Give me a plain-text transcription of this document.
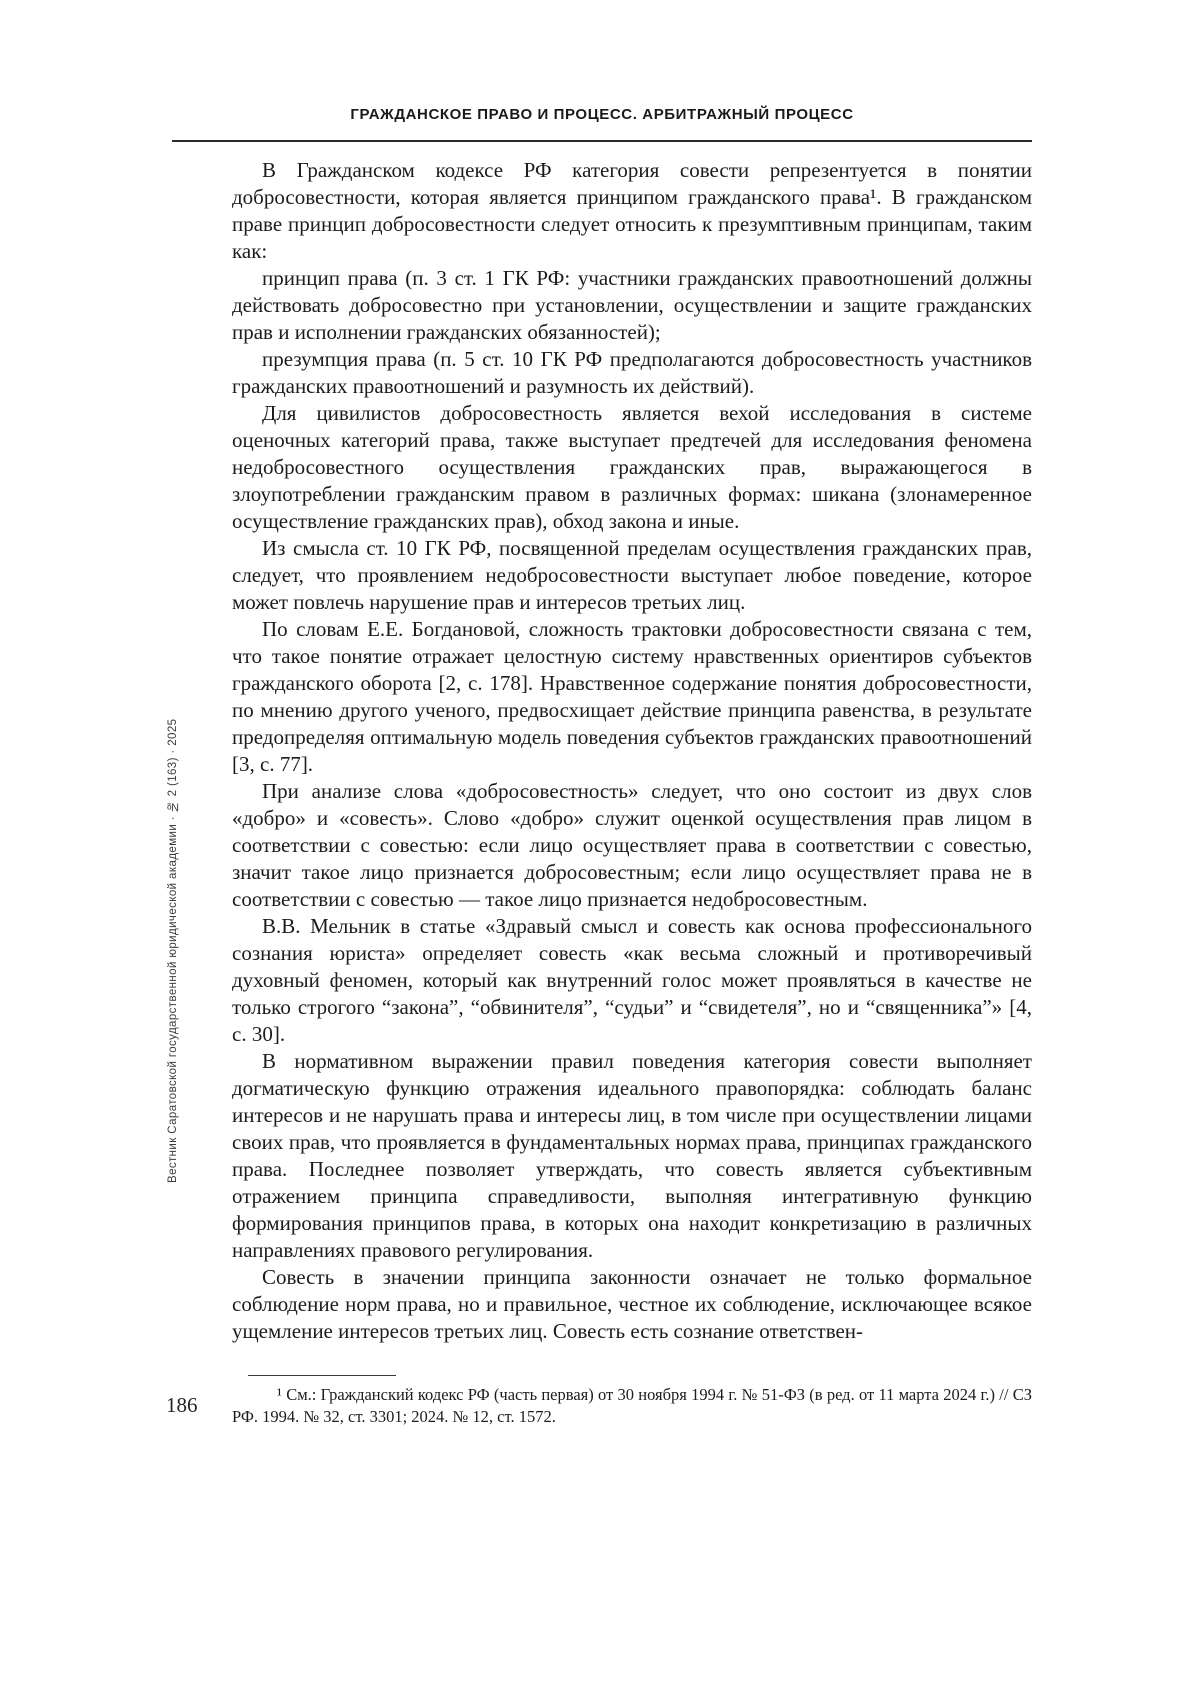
ГРАЖДАНСКОЕ ПРАВО И ПРОЦЕСС. АРБИТРАЖНЫЙ ПРОЦЕСС
Вестник Саратовской государственной юридической академии · № 2 (163) · 2025

В Гражданском кодексе РФ категория совести репрезентуется в понятии добросовестности, которая является принципом гражданского права¹. В гражданском праве принцип добросовестности следует относить к презумптивным принципам, таким как:

принцип права (п. 3 ст. 1 ГК РФ: участники гражданских правоотношений должны действовать добросовестно при установлении, осуществлении и защите гражданских прав и исполнении гражданских обязанностей);

презумпция права (п. 5 ст. 10 ГК РФ предполагаются добросовестность участников гражданских правоотношений и разумность их действий).

Для цивилистов добросовестность является вехой исследования в системе оценочных категорий права, также выступает предтечей для исследования феномена недобросовестного осуществления гражданских прав, выражающегося в злоупотреблении гражданским правом в различных формах: шикана (злонамеренное осуществление гражданских прав), обход закона и иные.

Из смысла ст. 10 ГК РФ, посвященной пределам осуществления гражданских прав, следует, что проявлением недобросовестности выступает любое поведение, которое может повлечь нарушение прав и интересов третьих лиц.

По словам Е.Е. Богдановой, сложность трактовки добросовестности связана с тем, что такое понятие отражает целостную систему нравственных ориентиров субъектов гражданского оборота [2, с. 178]. Нравственное содержание понятия добросовестности, по мнению другого ученого, предвосхищает действие принципа равенства, в результате предопределяя оптимальную модель поведения субъектов гражданских правоотношений [3, с. 77].

При анализе слова «добросовестность» следует, что оно состоит из двух слов «добро» и «совесть». Слово «добро» служит оценкой осуществления прав лицом в соответствии с совестью: если лицо осуществляет права в соответствии с совестью, значит такое лицо признается добросовестным; если лицо осуществляет права не в соответствии с совестью — такое лицо признается недобросовестным.

В.В. Мельник в статье «Здравый смысл и совесть как основа профессионального сознания юриста» определяет совесть «как весьма сложный и противоречивый духовный феномен, который как внутренний голос может проявляться в качестве не только строгого “закона”, “обвинителя”, “судьи” и “свидетеля”, но и “священника”» [4, с. 30].

В нормативном выражении правил поведения категория совести выполняет догматическую функцию отражения идеального правопорядка: соблюдать баланс интересов и не нарушать права и интересы лиц, в том числе при осуществлении лицами своих прав, что проявляется в фундаментальных нормах права, принципах гражданского права. Последнее позволяет утверждать, что совесть является субъективным отражением принципа справедливости, выполняя интегративную функцию формирования принципов права, в которых она находит конкретизацию в различных направлениях правового регулирования.

Совесть в значении принципа законности означает не только формальное соблюдение норм права, но и правильное, честное их соблюдение, исключающее всякое ущемление интересов третьих лиц. Совесть есть сознание ответствен-

¹ См.: Гражданский кодекс РФ (часть первая) от 30 ноября 1994 г. № 51-ФЗ (в ред. от 11 марта 2024 г.) // СЗ РФ. 1994. № 32, ст. 3301; 2024. № 12, ст. 1572.
186
